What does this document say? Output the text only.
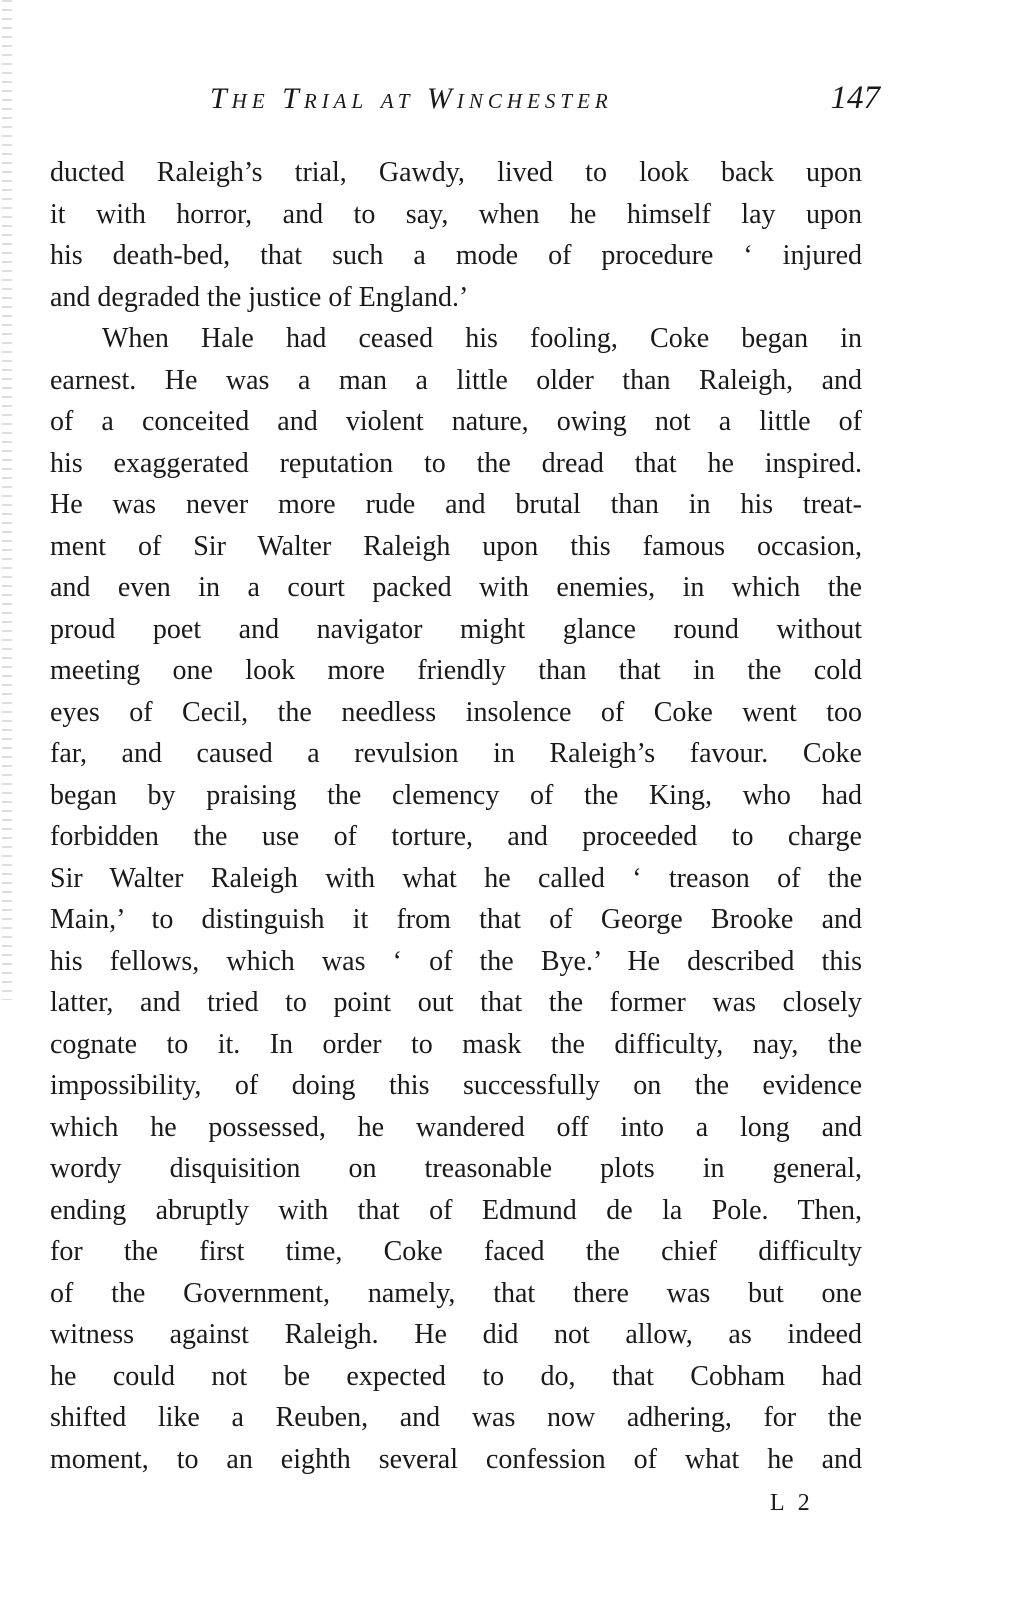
The Trial at Winchester	147
ducted Raleigh’s trial, Gawdy, lived to look back upon
it with horror, and to say, when he himself lay upon
his death-bed, that such a mode of procedure ‘ injured
and degraded the justice of England.’
When Hale had ceased his fooling, Coke began in
earnest. He was a man a little older than Raleigh, and
of a conceited and violent nature, owing not a little of
his exaggerated reputation to the dread that he inspired.
He was never more rude and brutal than in his treat-
ment of Sir Walter Raleigh upon this famous occasion,
and even in a court packed with enemies, in which the
proud poet and navigator might glance round without
meeting one look more friendly than that in the cold
eyes of Cecil, the needless insolence of Coke went too
far, and caused a revulsion in Raleigh’s favour. Coke
began by praising the clemency of the King, who had
forbidden the use of torture, and proceeded to charge
Sir Walter Raleigh with what he called ‘ treason of the
Main,’ to distinguish it from that of George Brooke and
his fellows, which was ‘ of the Bye.’ He described this
latter, and tried to point out that the former was closely
cognate to it. In order to mask the difficulty, nay, the
impossibility, of doing this successfully on the evidence
which he possessed, he wandered off into a long and
wordy disquisition on treasonable plots in general,
ending abruptly with that of Edmund de la Pole. Then,
for the first time, Coke faced the chief difficulty
of the Government, namely, that there was but one
witness against Raleigh. He did not allow, as indeed
he could not be expected to do, that Cobham had
shifted like a Reuben, and was now adhering, for the
moment, to an eighth several confession of what he and
L 2
